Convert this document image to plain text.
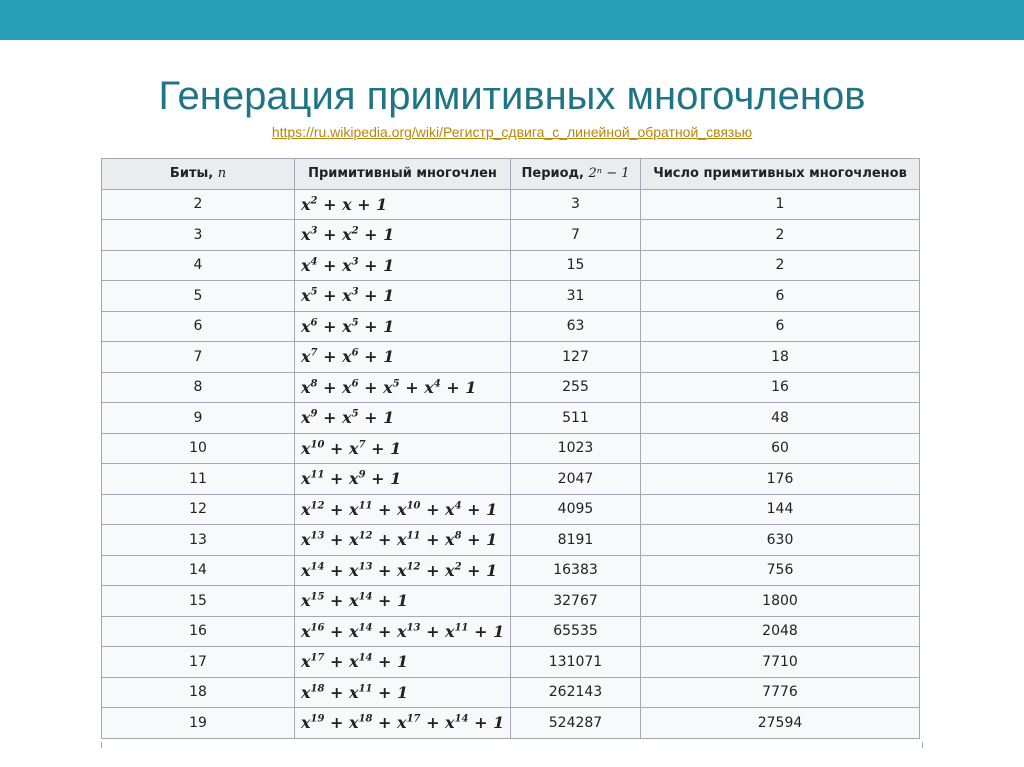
Генерация примитивных многочленов
https://ru.wikipedia.org/wiki/Регистр_сдвига_с_линейной_обратной_связью
Биты, n	Примитивный многочлен	Период, 2ⁿ − 1	Число примитивных многочленов
2	$x^2 + x + 1$	3	1
3	$x^3 + x^2 + 1$	7	2
4	$x^4 + x^3 + 1$	15	2
5	$x^5 + x^3 + 1$	31	6
6	$x^6 + x^5 + 1$	63	6
7	$x^7 + x^6 + 1$	127	18
8	$x^8 + x^6 + x^5 + x^4 + 1$	255	16
9	$x^9 + x^5 + 1$	511	48
10	$x^{10} + x^7 + 1$	1023	60
11	$x^{11} + x^9 + 1$	2047	176
12	$x^{12} + x^{11} + x^{10} + x^4 + 1$	4095	144
13	$x^{13} + x^{12} + x^{11} + x^8 + 1$	8191	630
14	$x^{14} + x^{13} + x^{12} + x^2 + 1$	16383	756
15	$x^{15} + x^{14} + 1$	32767	1800
16	$x^{16} + x^{14} + x^{13} + x^{11} + 1$	65535	2048
17	$x^{17} + x^{14} + 1$	131071	7710
18	$x^{18} + x^{11} + 1$	262143	7776
19	$x^{19} + x^{18} + x^{17} + x^{14} + 1$	524287	27594
